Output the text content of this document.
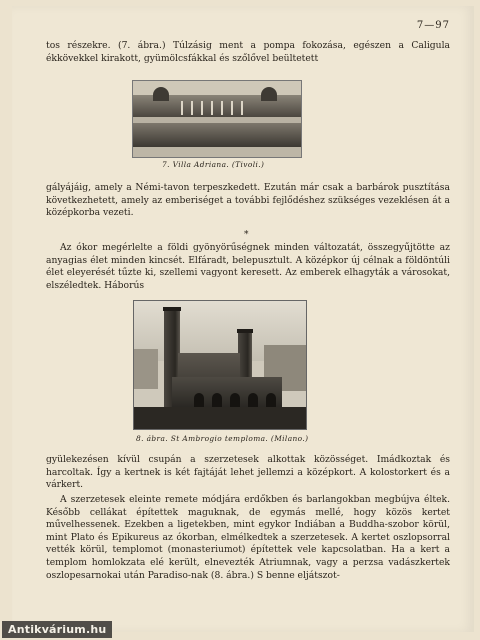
7—97

tos részekre. (7. ábra.) Túlzásig ment a pompa fokozása, egészen a Caligula ékkövekkel kirakott, gyümölcsfákkal és szőlővel beültetett

7. Villa Adriana. (Tivoli.)

gályájáig, amely a Némi-tavon terpeszkedett. Ezután már csak a barbárok pusztítása következhetett, amely az emberiséget a további fejlődéshez szükséges vezeklésen át a középkorba vezeti.

*

Az ókor megérlelte a földi gyönyörűségnek minden változatát, összegyűjtötte az anyagias élet minden kincsét. Elfáradt, belepusztult. A középkor új célnak a földöntúli élet eleyerését tűzte ki, szellemi vagyont keresett. Az emberek elhagyták a városokat, elszéledtek. Háborús

8. ábra. St Ambrogio temploma. (Milano.)

gyülekezésen kívül csupán a szerzetesek alkottak közösséget. Imádkoztak és harcoltak. Így a kertnek is két fajtáját lehet jellemzi a középkort. A kolostorkert és a várkert.

A szerzetesek eleinte remete módjára erdőkben és barlangokban megbújva éltek. Később cellákat építettek maguknak, de egymás mellé, hogy közös kertet művelhessenek. Ezekben a ligetekben, mint egykor Indiában a Buddha-szobor körül, mint Plato és Epikureus az ókorban, elmélkedtek a szerzetesek. A kertet oszlopsorral vették körül, templomot (monasteriumot) építettek vele kapcsolatban. Ha a kert a templom homlokzata elé került, elnevezték Atriumnak, vagy a perzsa vadászkertek oszlopesarnokai után Paradiso-nak (8. ábra.) S benne eljátszot-

Antikvárium.hu
